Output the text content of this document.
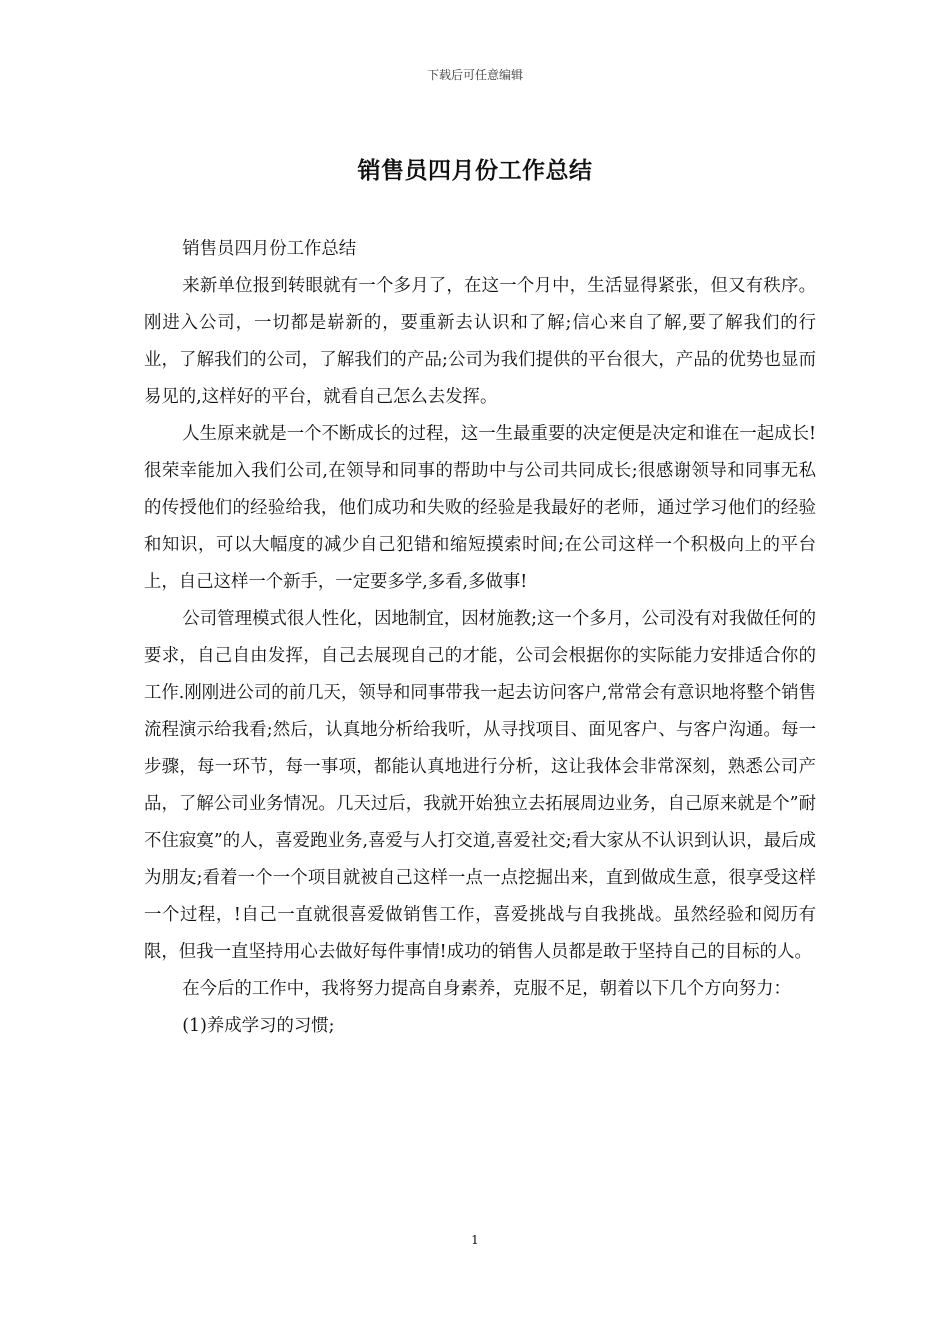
下载后可任意编辑
销售员四月份工作总结

销售员四月份工作总结

来新单位报到转眼就有一个多月了，在这一个月中，生活显得紧张，但又有秩序。刚进入公司，一切都是崭新的，要重新去认识和了解;信心来自了解,要了解我们的行业，了解我们的公司，了解我们的产品;公司为我们提供的平台很大，产品的优势也显而易见的,这样好的平台，就看自己怎么去发挥。

人生原来就是一个不断成长的过程，这一生最重要的决定便是决定和谁在一起成长!很荣幸能加入我们公司,在领导和同事的帮助中与公司共同成长;很感谢领导和同事无私的传授他们的经验给我，他们成功和失败的经验是我最好的老师，通过学习他们的经验和知识，可以大幅度的减少自己犯错和缩短摸索时间;在公司这样一个积极向上的平台上，自己这样一个新手，一定要多学,多看,多做事!

公司管理模式很人性化，因地制宜，因材施教;这一个多月，公司没有对我做任何的要求，自己自由发挥，自己去展现自己的才能，公司会根据你的实际能力安排适合你的工作.刚刚进公司的前几天，领导和同事带我一起去访问客户,常常会有意识地将整个销售流程演示给我看;然后，认真地分析给我听，从寻找项目、面见客户、与客户沟通。每一步骤，每一环节，每一事项，都能认真地进行分析，这让我体会非常深刻，熟悉公司产品，了解公司业务情况。几天过后，我就开始独立去拓展周边业务，自己原来就是个”耐不住寂寞”的人，喜爱跑业务,喜爱与人打交道,喜爱社交;看大家从不认识到认识，最后成为朋友;看着一个一个项目就被自己这样一点一点挖掘出来，直到做成生意，很享受这样一个过程，!自己一直就很喜爱做销售工作，喜爱挑战与自我挑战。虽然经验和阅历有限，但我一直坚持用心去做好每件事情!成功的销售人员都是敢于坚持自己的目标的人。

在今后的工作中，我将努力提高自身素养，克服不足，朝着以下几个方向努力：

(1)养成学习的习惯;

1
